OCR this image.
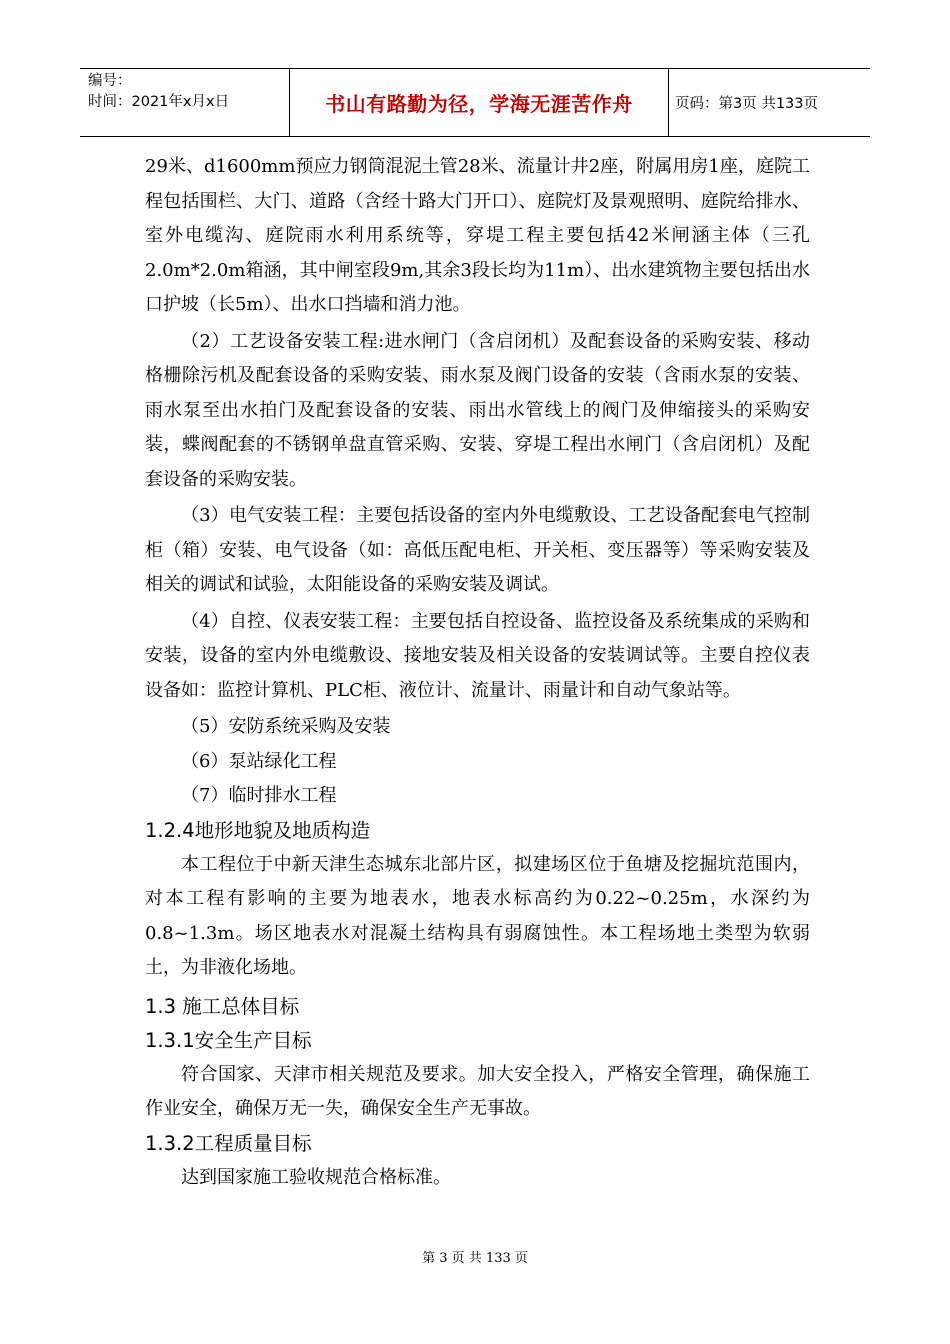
编号：
时间：2021年x月x日	书山有路勤为径，学海无涯苦作舟	页码：第3页 共133页

29米、d1600mm预应力钢筒混泥土管28米、流量计井2座，附属用房1座，庭院工程包括围栏、大门、道路（含经十路大门开口）、庭院灯及景观照明、庭院给排水、室外电缆沟、庭院雨水利用系统等，穿堤工程主要包括42米闸涵主体（三孔2.0m*2.0m箱涵，其中闸室段9m,其余3段长均为11m）、出水建筑物主要包括出水口护坡（长5m）、出水口挡墙和消力池。

（2）工艺设备安装工程:进水闸门（含启闭机）及配套设备的采购安装、移动格栅除污机及配套设备的采购安装、雨水泵及阀门设备的安装（含雨水泵的安装、雨水泵至出水拍门及配套设备的安装、雨出水管线上的阀门及伸缩接头的采购安装，蝶阀配套的不锈钢单盘直管采购、安装、穿堤工程出水闸门（含启闭机）及配套设备的采购安装。

（3）电气安装工程：主要包括设备的室内外电缆敷设、工艺设备配套电气控制柜（箱）安装、电气设备（如：高低压配电柜、开关柜、变压器等）等采购安装及相关的调试和试验，太阳能设备的采购安装及调试。

（4）自控、仪表安装工程：主要包括自控设备、监控设备及系统集成的采购和安装，设备的室内外电缆敷设、接地安装及相关设备的安装调试等。主要自控仪表设备如：监控计算机、PLC柜、液位计、流量计、雨量计和自动气象站等。

（5）安防系统采购及安装

（6）泵站绿化工程

（7）临时排水工程

1.2.4地形地貌及地质构造

本工程位于中新天津生态城东北部片区，拟建场区位于鱼塘及挖掘坑范围内，对本工程有影响的主要为地表水，地表水标高约为0.22~0.25m，水深约为0.8~1.3m。场区地表水对混凝土结构具有弱腐蚀性。本工程场地土类型为软弱土，为非液化场地。

1.3 施工总体目标
1.3.1安全生产目标

符合国家、天津市相关规范及要求。加大安全投入，严格安全管理，确保施工作业安全，确保万无一失，确保安全生产无事故。

1.3.2工程质量目标

达到国家施工验收规范合格标准。

第 3 页 共 133 页
